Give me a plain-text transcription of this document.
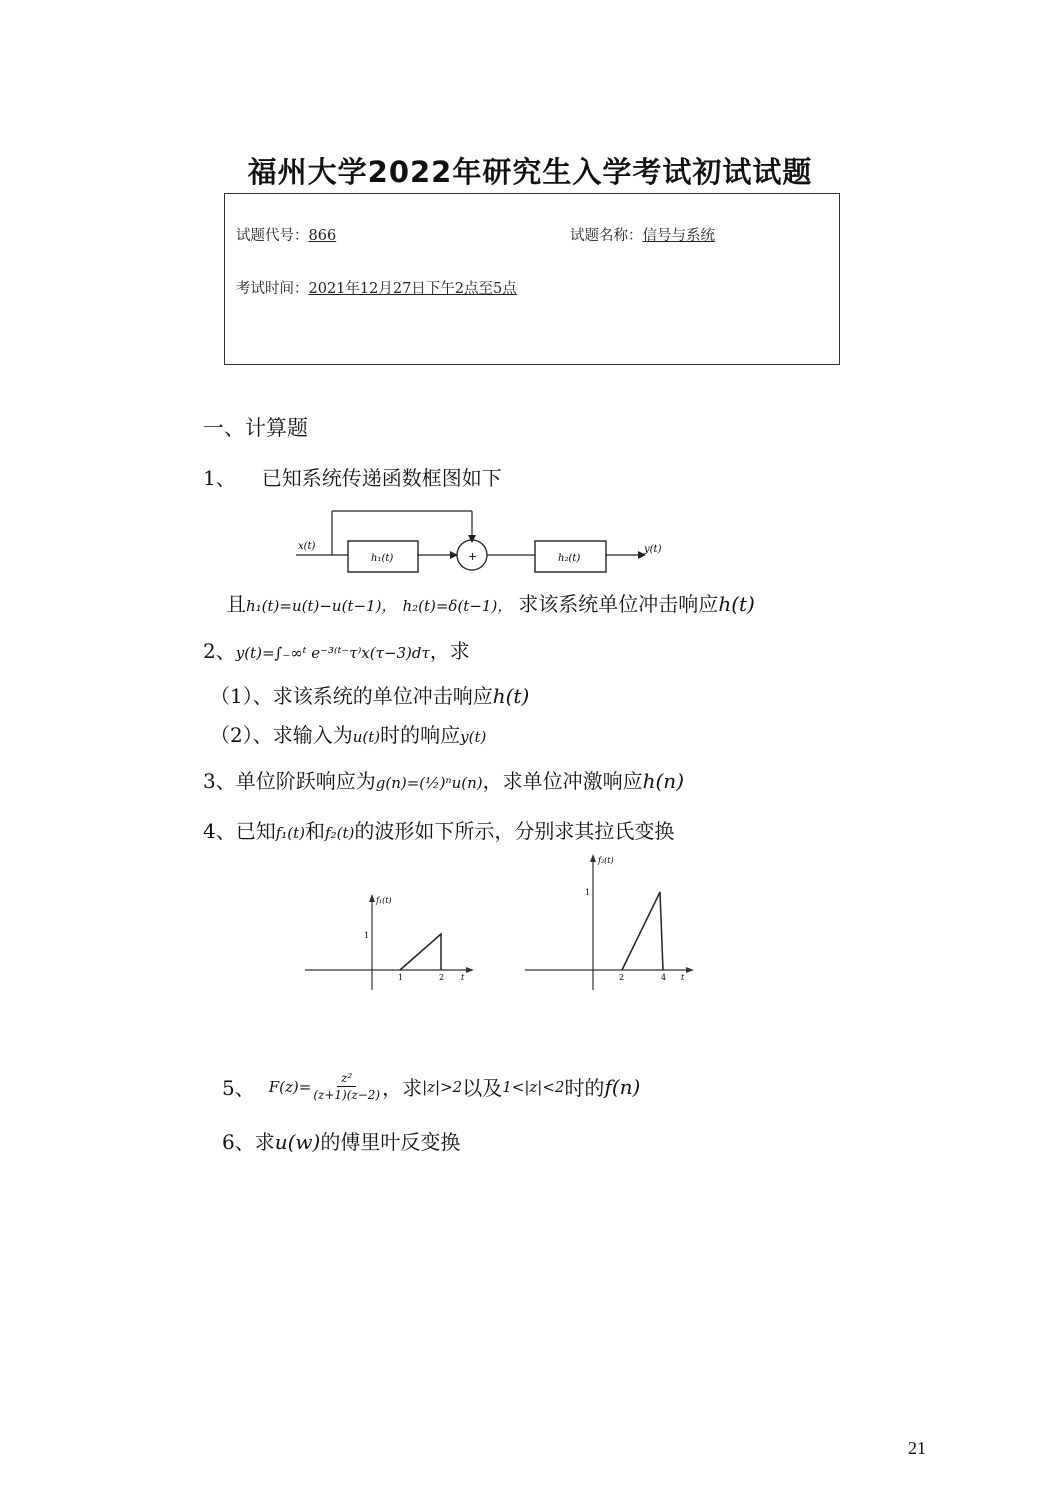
福州大学2022年研究生入学考试初试试题
试题代号：866	试题名称：信号与系统
考试时间：2021年12月27日下午2点至5点
一、计算题
1、 已知系统传递函数框图如下
x(t)
h₁(t)	+	h₂(t)
y(t)
且h₁(t)=u(t)−u(t−1)， h₂(t)=δ(t−1)， 求该系统单位冲击响应h(t)
2、y(t)=∫₋∞ᵗ e⁻³⁽ᵗ⁻τ⁾x(τ−3)dτ，求
（1）、求该系统的单位冲击响应h(t)
（2）、求输入为u(t)时的响应y(t)
3、单位阶跃响应为g(n)=(½)ⁿu(n)，求单位冲激响应h(n)
4、已知f₁(t)和f₂(t)的波形如下所示，分别求其拉氏变换
f₁(t)
1
1	2 t
f₂(t)
1
2	4 t
5、 $F(z)= \frac{\text{z²}}{(z+1)(z-2)}$ ，求 |z|>2 以及 1<|z|<2 时的 f(n)
6、求u(w)的傅里叶反变换
21
